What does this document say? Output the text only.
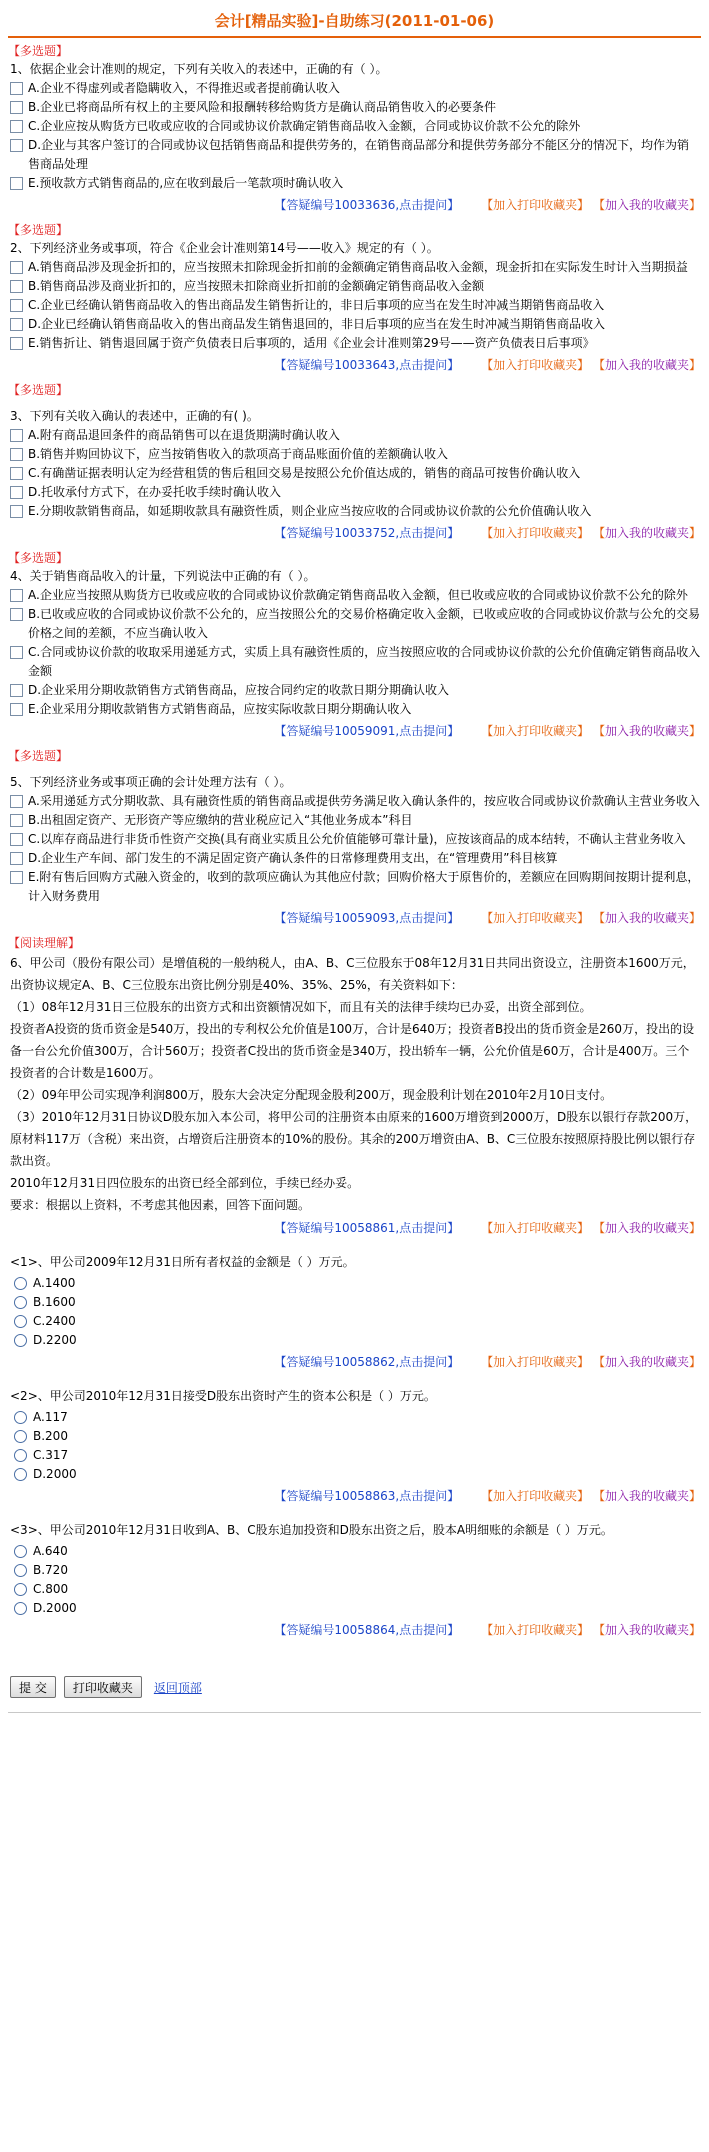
会计[精品实验]-自助练习(2011-01-06)
【多选题】
1、依据企业会计准则的规定，下列有关收入的表述中，正确的有（ ）。
A.企业不得虚列或者隐瞒收入，不得推迟或者提前确认收入
B.企业已将商品所有权上的主要风险和报酬转移给购货方是确认商品销售收入的必要条件
C.企业应按从购货方已收或应收的合同或协议价款确定销售商品收入金额，合同或协议价款不公允的除外
D.企业与其客户签订的合同或协议包括销售商品和提供劳务的，在销售商品部分和提供劳务部分不能区分的情况下，均作为销售商品处理
E.预收款方式销售商品的,应在收到最后一笔款项时确认收入
【答疑编号10033636,点击提问】 【加入打印收藏夹】 【加入我的收藏夹】
【多选题】
2、下列经济业务或事项，符合《企业会计准则第14号——收入》规定的有（ ）。
A.销售商品涉及现金折扣的，应当按照未扣除现金折扣前的金额确定销售商品收入金额，现金折扣在实际发生时计入当期损益
B.销售商品涉及商业折扣的，应当按照未扣除商业折扣前的金额确定销售商品收入金额
C.企业已经确认销售商品收入的售出商品发生销售折让的，非日后事项的应当在发生时冲减当期销售商品收入
D.企业已经确认销售商品收入的售出商品发生销售退回的，非日后事项的应当在发生时冲减当期销售商品收入
E.销售折让、销售退回属于资产负债表日后事项的，适用《企业会计准则第29号——资产负债表日后事项》
【答疑编号10033643,点击提问】 【加入打印收藏夹】 【加入我的收藏夹】
【多选题】
3、下列有关收入确认的表述中，正确的有( )。
A.附有商品退回条件的商品销售可以在退货期满时确认收入
B.销售并购回协议下，应当按销售收入的款项高于商品账面价值的差额确认收入
C.有确凿证据表明认定为经营租赁的售后租回交易是按照公允价值达成的，销售的商品可按售价确认收入
D.托收承付方式下，在办妥托收手续时确认收入
E.分期收款销售商品，如延期收款具有融资性质，则企业应当按应收的合同或协议价款的公允价值确认收入
【答疑编号10033752,点击提问】 【加入打印收藏夹】 【加入我的收藏夹】
【多选题】
4、关于销售商品收入的计量，下列说法中正确的有（ ）。
A.企业应当按照从购货方已收或应收的合同或协议价款确定销售商品收入金额，但已收或应收的合同或协议价款不公允的除外
B.已收或应收的合同或协议价款不公允的，应当按照公允的交易价格确定收入金额，已收或应收的合同或协议价款与公允的交易价格之间的差额，不应当确认收入
C.合同或协议价款的收取采用递延方式，实质上具有融资性质的，应当按照应收的合同或协议价款的公允价值确定销售商品收入金额
D.企业采用分期收款销售方式销售商品，应按合同约定的收款日期分期确认收入
E.企业采用分期收款销售方式销售商品，应按实际收款日期分期确认收入
【答疑编号10059091,点击提问】 【加入打印收藏夹】 【加入我的收藏夹】
【多选题】
5、下列经济业务或事项正确的会计处理方法有（ ）。
A.采用递延方式分期收款、具有融资性质的销售商品或提供劳务满足收入确认条件的，按应收合同或协议价款确认主营业务收入
B.出租固定资产、无形资产等应缴纳的营业税应记入“其他业务成本”科目
C.以库存商品进行非货币性资产交换(具有商业实质且公允价值能够可靠计量)，应按该商品的成本结转，不确认主营业务收入
D.企业生产车间、部门发生的不满足固定资产确认条件的日常修理费用支出，在“管理费用”科目核算
E.附有售后回购方式融入资金的，收到的款项应确认为其他应付款；回购价格大于原售价的，差额应在回购期间按期计提利息，计入财务费用
【答疑编号10059093,点击提问】 【加入打印收藏夹】 【加入我的收藏夹】
【阅读理解】
6、甲公司（股份有限公司）是增值税的一般纳税人，由A、B、C三位股东于08年12月31日共同出资设立，注册资本1600万元，出资协议规定A、B、C三位股东出资比例分别是40%、35%、25%，有关资料如下：
（1）08年12月31日三位股东的出资方式和出资额情况如下，而且有关的法律手续均已办妥，出资全部到位。
投资者A投资的货币资金是540万，投出的专利权公允价值是100万，合计是640万；投资者B投出的货币资金是260万，投出的设备一台公允价值300万，合计560万；投资者C投出的货币资金是340万，投出轿车一辆，公允价值是60万，合计是400万。三个投资者的合计数是1600万。
（2）09年甲公司实现净利润800万，股东大会决定分配现金股利200万，现金股利计划在2010年2月10日支付。
（3）2010年12月31日协议D股东加入本公司，将甲公司的注册资本由原来的1600万增资到2000万，D股东以银行存款200万，原材料117万（含税）来出资，占增资后注册资本的10%的股份。其余的200万增资由A、B、C三位股东按照原持股比例以银行存款出资。
2010年12月31日四位股东的出资已经全部到位，手续已经办妥。
要求：根据以上资料，不考虑其他因素，回答下面问题。
【答疑编号10058861,点击提问】 【加入打印收藏夹】 【加入我的收藏夹】
<1>、甲公司2009年12月31日所有者权益的金额是（ ）万元。
A.1400
B.1600
C.2400
D.2200
【答疑编号10058862,点击提问】 【加入打印收藏夹】 【加入我的收藏夹】
<2>、甲公司2010年12月31日接受D股东出资时产生的资本公积是（ ）万元。
A.117
B.200
C.317
D.2000
【答疑编号10058863,点击提问】 【加入打印收藏夹】 【加入我的收藏夹】
<3>、甲公司2010年12月31日收到A、B、C股东追加投资和D股东出资之后，股本A明细账的余额是（ ）万元。
A.640
B.720
C.800
D.2000
【答疑编号10058864,点击提问】 【加入打印收藏夹】 【加入我的收藏夹】
提 交	打印收藏夹	返回顶部
